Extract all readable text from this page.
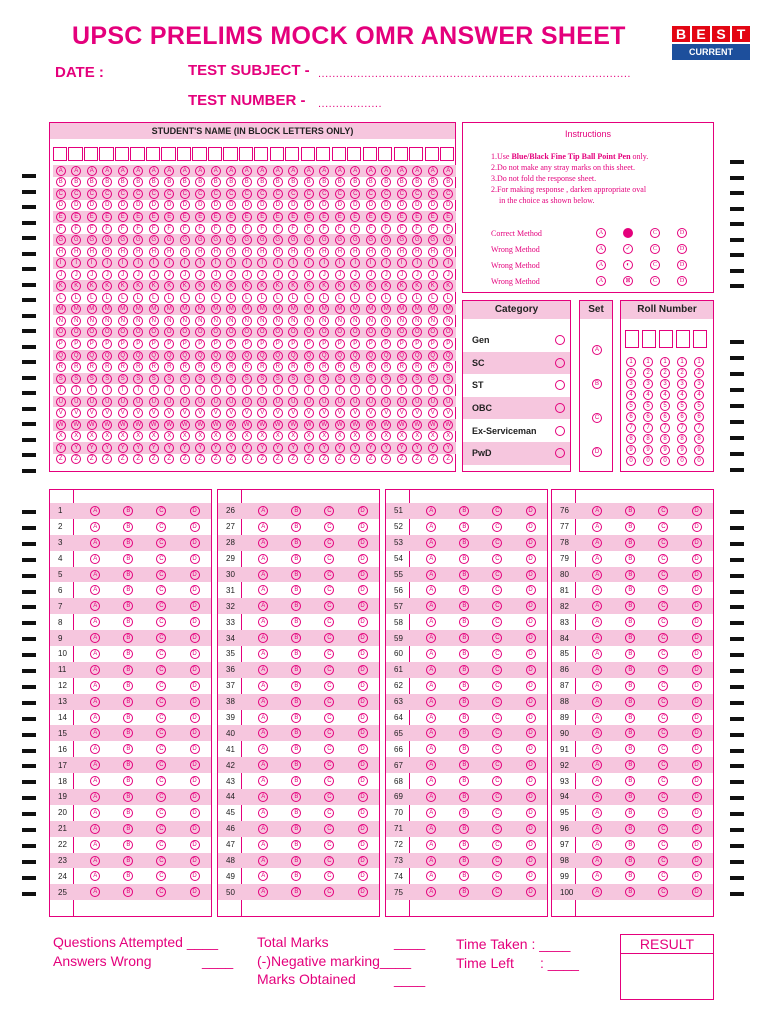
UPSC PRELIMS MOCK OMR ANSWER SHEET	B E S T
CURRENT AFFAIRS
DATE :	TEST SUBJECT - ........................................................................................
TEST NUMBER - ..................
STUDENT'S NAME (IN BLOCK LETTERS ONLY)
A	A	A	A	A	A	A	A	A	A	A	A	A	A	A	A	A	A	A	A	A	A	A	A	A	A
B	B	B	B	B	B	B	B	B	B	B	B	B	B	B	B	B	B	B	B	B	B	B	B	B	B
C	C	C	C	C	C	C	C	C	C	C	C	C	C	C	C	C	C	C	C	C	C	C	C	C	C
D	D	D	D	D	D	D	D	D	D	D	D	D	D	D	D	D	D	D	D	D	D	D	D	D	D
E	E	E	E	E	E	E	E	E	E	E	E	E	E	E	E	E	E	E	E	E	E	E	E	E	E
F	F	F	F	F	F	F	F	F	F	F	F	F	F	F	F	F	F	F	F	F	F	F	F	F	F
G	G	G	G	G	G	G	G	G	G	G	G	G	G	G	G	G	G	G	G	G	G	G	G	G	G
H	H	H	H	H	H	H	H	H	H	H	H	H	H	H	H	H	H	H	H	H	H	H	H	H	H
I	I	I	I	I	I	I	I	I	I	I	I	I	I	I	I	I	I	I	I	I	I	I	I	I	I
J	J	J	J	J	J	J	J	J	J	J	J	J	J	J	J	J	J	J	J	J	J	J	J	J	J
K	K	K	K	K	K	K	K	K	K	K	K	K	K	K	K	K	K	K	K	K	K	K	K	K	K
L	L	L	L	L	L	L	L	L	L	L	L	L	L	L	L	L	L	L	L	L	L	L	L	L	L
M	M	M	M	M	M	M	M	M	M	M	M	M	M	M	M	M	M	M	M	M	M	M	M	M	M
N	N	N	N	N	N	N	N	N	N	N	N	N	N	N	N	N	N	N	N	N	N	N	N	N	N
O	O	O	O	O	O	O	O	O	O	O	O	O	O	O	O	O	O	O	O	O	O	O	O	O	O
P	P	P	P	P	P	P	P	P	P	P	P	P	P	P	P	P	P	P	P	P	P	P	P	P	P
Q	Q	Q	Q	Q	Q	Q	Q	Q	Q	Q	Q	Q	Q	Q	Q	Q	Q	Q	Q	Q	Q	Q	Q	Q	Q
R	R	R	R	R	R	R	R	R	R	R	R	R	R	R	R	R	R	R	R	R	R	R	R	R	R
S	S	S	S	S	S	S	S	S	S	S	S	S	S	S	S	S	S	S	S	S	S	S	S	S	S
T	T	T	T	T	T	T	T	T	T	T	T	T	T	T	T	T	T	T	T	T	T	T	T	T	T
U	U	U	U	U	U	U	U	U	U	U	U	U	U	U	U	U	U	U	U	U	U	U	U	U	U
V	V	V	V	V	V	V	V	V	V	V	V	V	V	V	V	V	V	V	V	V	V	V	V	V	V
W	W	W	W	W	W	W	W	W	W	W	W	W	W	W	W	W	W	W	W	W	W	W	W	W	W
X	X	X	X	X	X	X	X	X	X	X	X	X	X	X	X	X	X	X	X	X	X	X	X	X	X
Y	Y	Y	Y	Y	Y	Y	Y	Y	Y	Y	Y	Y	Y	Y	Y	Y	Y	Y	Y	Y	Y	Y	Y	Y	Y
Z	Z	Z	Z	Z	Z	Z	Z	Z	Z	Z	Z	Z	Z	Z	Z	Z	Z	Z	Z	Z	Z	Z	Z	Z	Z
Instructions
1.Use Blue/Black Fine Tip Ball Point Pen only.
2.Do not make any stray marks on this sheet.
3.Do not fold the response sheet.
2.For making response , darken appropriate oval
in the choice as shown below.
Correct Method	A	C	D
Wrong Method	A	✓	C	D
Wrong Method	A	◐	C	D
Wrong Method	A	⊠	C	D
Category
Gen
SC
ST
OBC
Ex-Serviceman
PwD
Set
A
B
C
D
Roll Number
1	1	1	1	1
2	2	2	2	2
3	3	3	3	3
4	4	4	4	4
5	5	5	5	5
6	6	6	6	6
7	7	7	7	7
8	8	8	8	8
9	9	9	9	9
0	0	0	0	0
1	A	B	C	D
2	A	B	C	D
3	A	B	C	D
4	A	B	C	D
5	A	B	C	D
6	A	B	C	D
7	A	B	C	D
8	A	B	C	D
9	A	B	C	D
10	A	B	C	D
11	A	B	C	D
12	A	B	C	D
13	A	B	C	D
14	A	B	C	D
15	A	B	C	D
16	A	B	C	D
17	A	B	C	D
18	A	B	C	D
19	A	B	C	D
20	A	B	C	D
21	A	B	C	D
22	A	B	C	D
23	A	B	C	D
24	A	B	C	D
25	A	B	C	D
26	A	B	C	D
27	A	B	C	D
28	A	B	C	D
29	A	B	C	D
30	A	B	C	D
31	A	B	C	D
32	A	B	C	D
33	A	B	C	D
34	A	B	C	D
35	A	B	C	D
36	A	B	C	D
37	A	B	C	D
38	A	B	C	D
39	A	B	C	D
40	A	B	C	D
41	A	B	C	D
42	A	B	C	D
43	A	B	C	D
44	A	B	C	D
45	A	B	C	D
46	A	B	C	D
47	A	B	C	D
48	A	B	C	D
49	A	B	C	D
50	A	B	C	D
51	A	B	C	D
52	A	B	C	D
53	A	B	C	D
54	A	B	C	D
55	A	B	C	D
56	A	B	C	D
57	A	B	C	D
58	A	B	C	D
59	A	B	C	D
60	A	B	C	D
61	A	B	C	D
62	A	B	C	D
63	A	B	C	D
64	A	B	C	D
65	A	B	C	D
66	A	B	C	D
67	A	B	C	D
68	A	B	C	D
69	A	B	C	D
70	A	B	C	D
71	A	B	C	D
72	A	B	C	D
73	A	B	C	D
74	A	B	C	D
75	A	B	C	D
76	A	B	C	D
77	A	B	C	D
78	A	B	C	D
79	A	B	C	D
80	A	B	C	D
81	A	B	C	D
82	A	B	C	D
83	A	B	C	D
84	A	B	C	D
85	A	B	C	D
86	A	B	C	D
87	A	B	C	D
88	A	B	C	D
89	A	B	C	D
90	A	B	C	D
91	A	B	C	D
92	A	B	C	D
93	A	B	C	D
94	A	B	C	D
95	A	B	C	D
96	A	B	C	D
97	A	B	C	D
98	A	B	C	D
99	A	B	C	D
100	A	B	C	D
Questions Attempted ____
Answers Wrong	____
Total Marks	____
(-)Negative marking____
Marks Obtained	____
Time Taken : ____
Time Left : ____
RESULT
